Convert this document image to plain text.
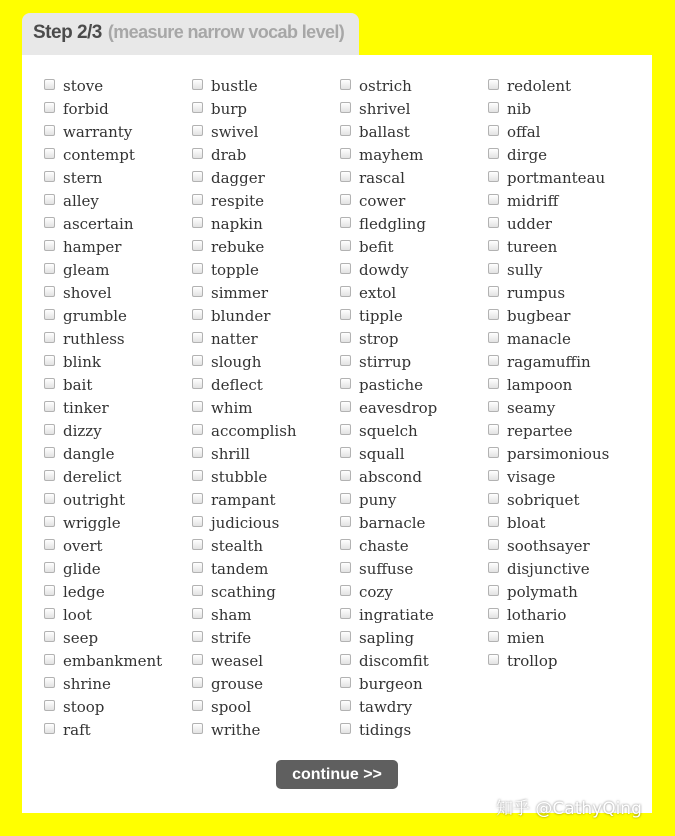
Step 2/3 (measure narrow vocab level)
stove
forbid
warranty
contempt
stern
alley
ascertain
hamper
gleam
shovel
grumble
ruthless
blink
bait
tinker
dizzy
dangle
derelict
outright
wriggle
overt
glide
ledge
loot
seep
embankment
shrine
stoop
raft
bustle
burp
swivel
drab
dagger
respite
napkin
rebuke
topple
simmer
blunder
natter
slough
deflect
whim
accomplish
shrill
stubble
rampant
judicious
stealth
tandem
scathing
sham
strife
weasel
grouse
spool
writhe
ostrich
shrivel
ballast
mayhem
rascal
cower
fledgling
befit
dowdy
extol
tipple
strop
stirrup
pastiche
eavesdrop
squelch
squall
abscond
puny
barnacle
chaste
suffuse
cozy
ingratiate
sapling
discomfit
burgeon
tawdry
tidings
redolent
nib
offal
dirge
portmanteau
midriff
udder
tureen
sully
rumpus
bugbear
manacle
ragamuffin
lampoon
seamy
repartee
parsimonious
visage
sobriquet
bloat
soothsayer
disjunctive
polymath
lothario
mien
trollop
continue >>
知乎 @CathyQing
